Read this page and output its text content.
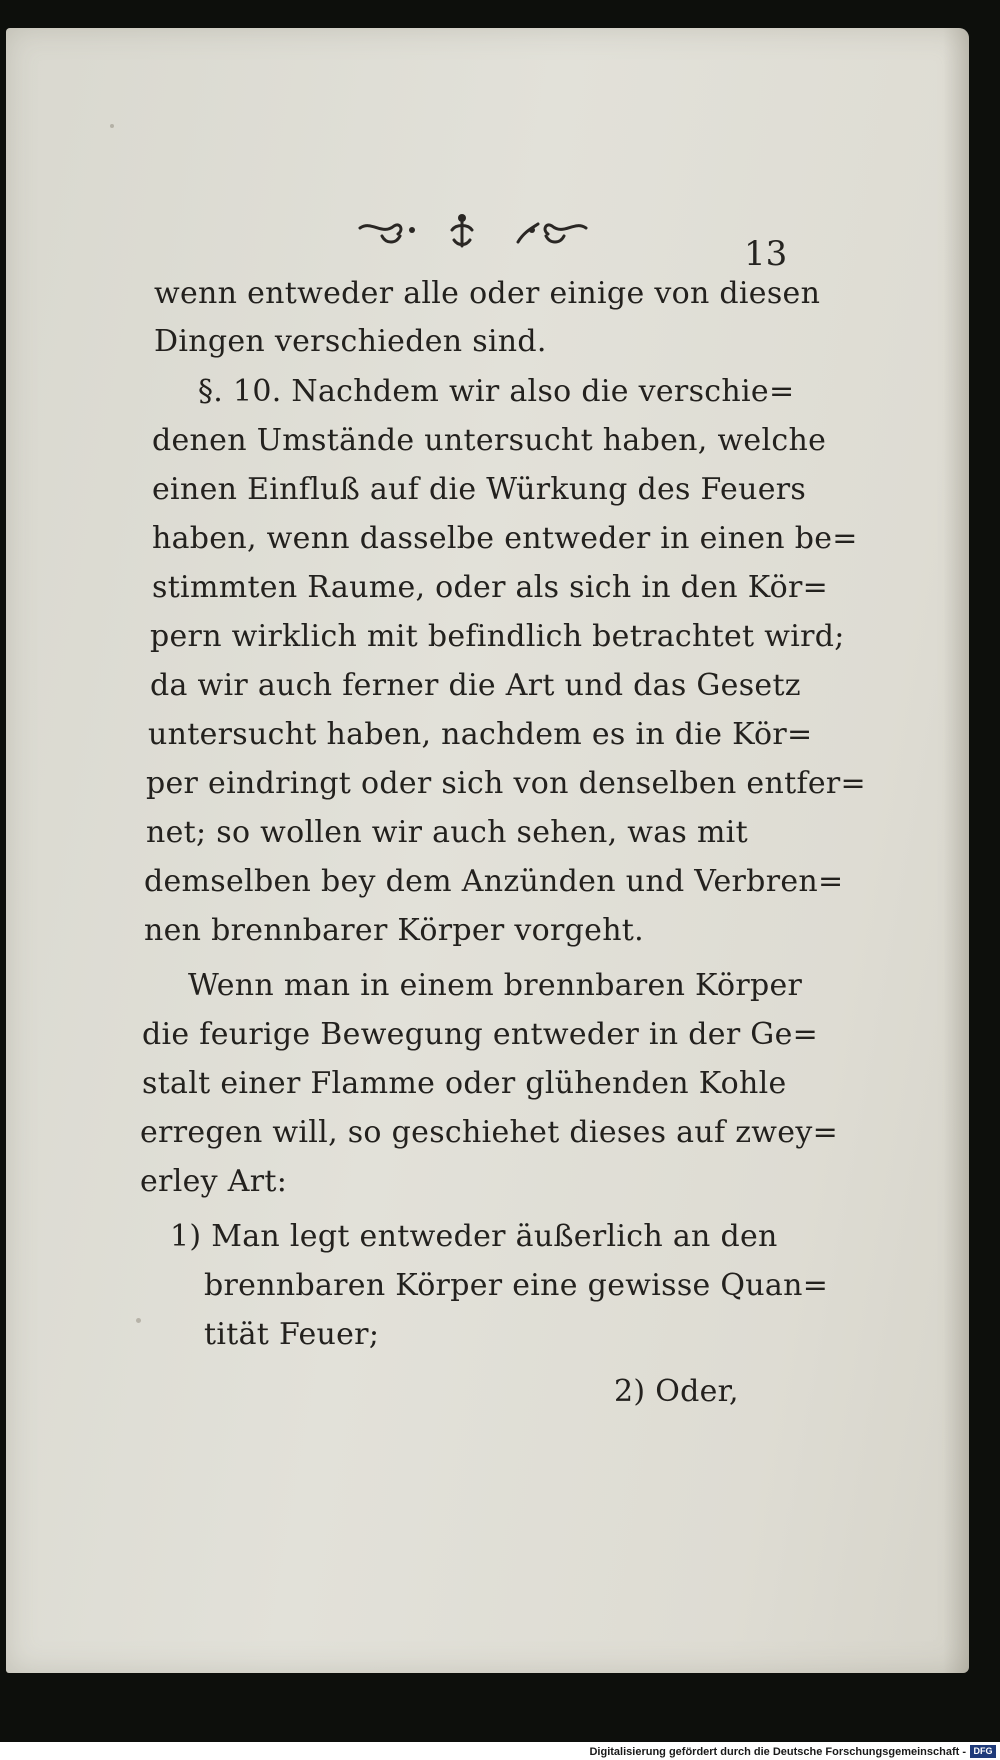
13
wenn entweder alle oder einige von diesen
Dingen verschieden sind.
§. 10. Nachdem wir also die verschie=
denen Umstände untersucht haben, welche
einen Einfluß auf die Würkung des Feuers
haben, wenn dasselbe entweder in einen be=
stimmten Raume, oder als sich in den Kör=
pern wirklich mit befindlich betrachtet wird;
da wir auch ferner die Art und das Gesetz
untersucht haben, nachdem es in die Kör=
per eindringt oder sich von denselben entfer=
net; so wollen wir auch sehen, was mit
demselben bey dem Anzünden und Verbren=
nen brennbarer Körper vorgeht.
Wenn man in einem brennbaren Körper
die feurige Bewegung entweder in der Ge=
stalt einer Flamme oder glühenden Kohle
erregen will, so geschiehet dieses auf zwey=
erley Art:
1) Man legt entweder äußerlich an den
brennbaren Körper eine gewisse Quan=
tität Feuer;
2) Oder,
Digitalisierung gefördert durch die Deutsche Forschungsgemeinschaft - DFG
